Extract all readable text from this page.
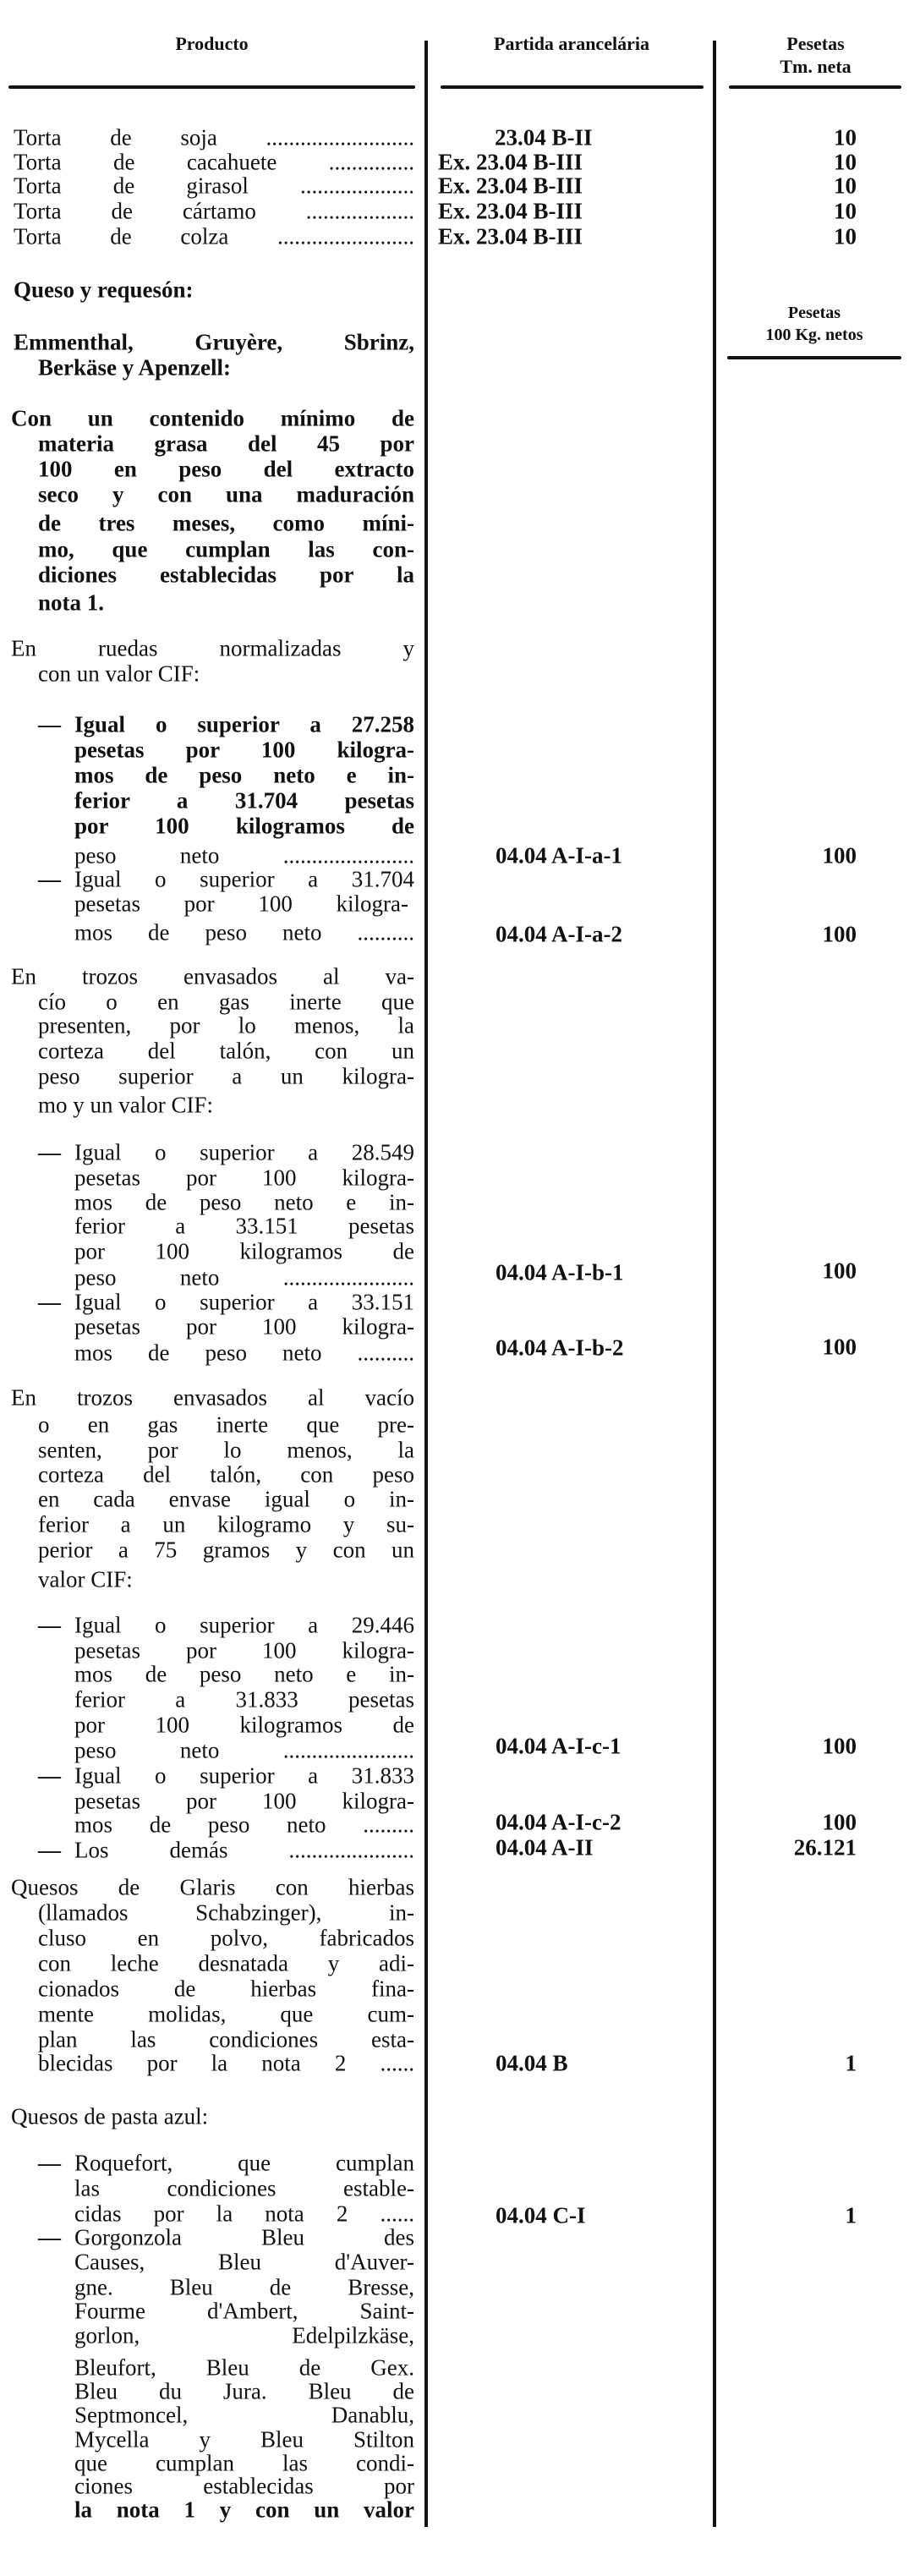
Producto	Partida arancelária	Pesetas
Tm. neta
Pesetas
100 Kg. netos
Torta de soja ..........................
Torta de cacahuete ...............
Torta de girasol ....................
Torta de cártamo ...................
Torta de colza ........................
Queso y requesón:
Emmenthal, Gruyère, Sbrinz,
Berkäse y Apenzell:
Con un contenido mínimo de
materia grasa del 45 por
100 en peso del extracto
seco y con una maduración
de tres meses, como míni-
mo, que cumplan las con-
diciones establecidas por la
nota 1.
En ruedas normalizadas y
con un valor CIF:
— Igual o superior a 27.258
pesetas por 100 kilogra-
mos de peso neto e in-
ferior a 31.704 pesetas
por 100 kilogramos de
peso neto .......................
— Igual o superior a 31.704
pesetas por 100 kilogra-
mos de peso neto ..........
En trozos envasados al va-
cío o en gas inerte que
presenten, por lo menos, la
corteza del talón, con un
peso superior a un kilogra-
mo y un valor CIF:
— Igual o superior a 28.549
pesetas por 100 kilogra-
mos de peso neto e in-
ferior a 33.151 pesetas
por 100 kilogramos de
peso neto .......................
— Igual o superior a 33.151
pesetas por 100 kilogra-
mos de peso neto ..........
En trozos envasados al vacío
o en gas inerte que pre-
senten, por lo menos, la
corteza del talón, con peso
en cada envase igual o in-
ferior a un kilogramo y su-
perior a 75 gramos y con un
valor CIF:
— Igual o superior a 29.446
pesetas por 100 kilogra-
mos de peso neto e in-
ferior a 31.833 pesetas
por 100 kilogramos de
peso neto .......................
— Igual o superior a 31.833
pesetas por 100 kilogra-
mos de peso neto .........
— Los demás ......................
Quesos de Glaris con hierbas
(llamados Schabzinger), in-
cluso en polvo, fabricados
con leche desnatada y adi-
cionados de hierbas fina-
mente molidas, que cum-
plan las condiciones esta-
blecidas por la nota 2 ......
Quesos de pasta azul:
— Roquefort, que cumplan
las condiciones estable-
cidas por la nota 2 ......
— Gorgonzola Bleu des
Causes, Bleu d'Auver-
gne. Bleu de Bresse,
Fourme d'Ambert, Saint-
gorlon, Edelpilzkäse,
Bleufort, Bleu de Gex.
Bleu du Jura. Bleu de
Septmoncel, Danablu,
Mycella y Bleu Stilton
que cumplan las condi-
ciones establecidas por
la nota 1 y con un valor
23.04 B-II
Ex. 23.04 B-III
Ex. 23.04 B-III
Ex. 23.04 B-III
Ex. 23.04 B-III
04.04 A-I-a-1
04.04 A-I-a-2
04.04 A-I-b-1
04.04 A-I-b-2
04.04 A-I-c-1
04.04 A-I-c-2
04.04 A-II
04.04 B
04.04 C-I
10
10
10
10
10
100
100
100
100
100
100
26.121
1
1
